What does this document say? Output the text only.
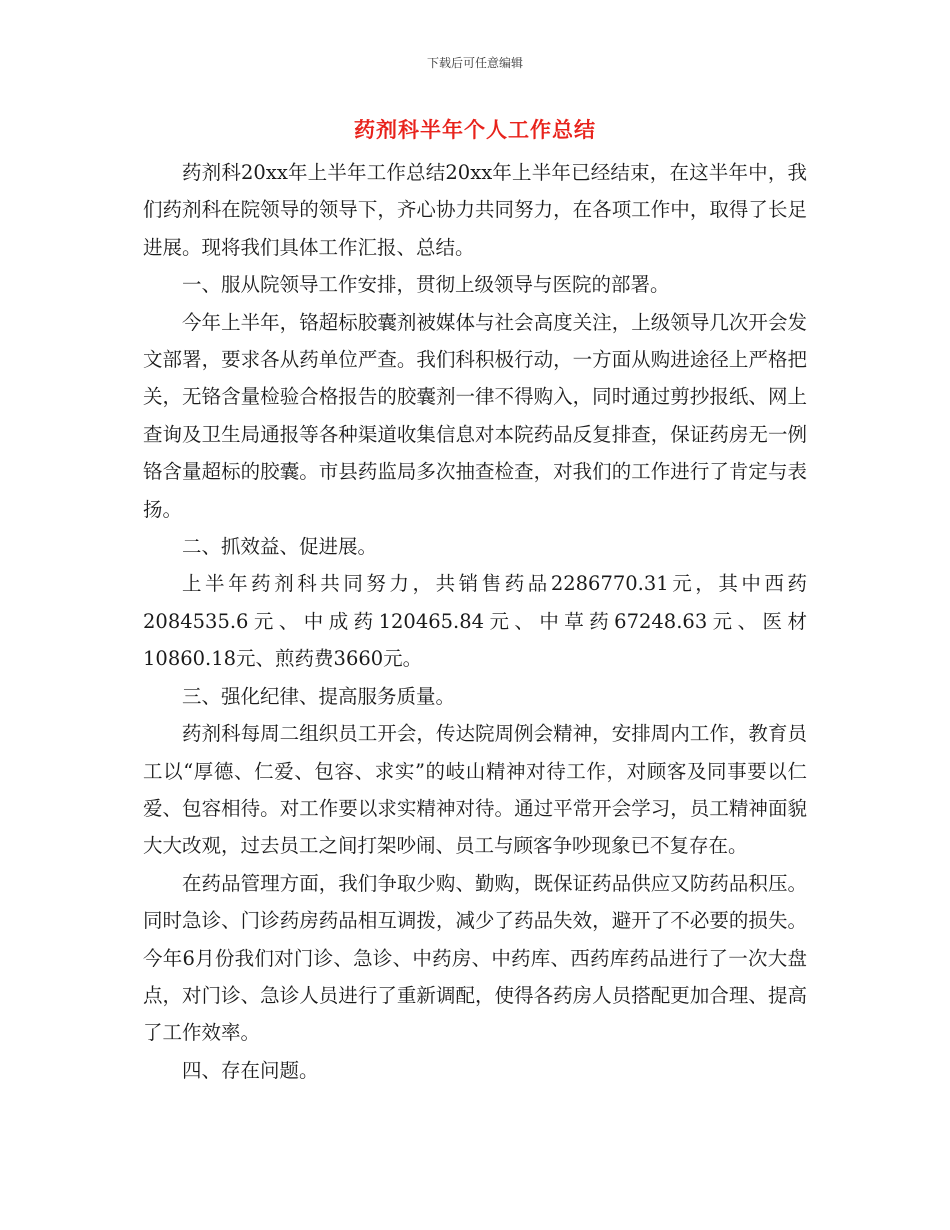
下载后可任意编辑
药剂科半年个人工作总结

药剂科20xx年上半年工作总结20xx年上半年已经结束，在这半年中，我们药剂科在院领导的领导下，齐心协力共同努力，在各项工作中，取得了长足进展。现将我们具体工作汇报、总结。

一、服从院领导工作安排，贯彻上级领导与医院的部署。

今年上半年，铬超标胶囊剂被媒体与社会高度关注，上级领导几次开会发文部署，要求各从药单位严查。我们科积极行动，一方面从购进途径上严格把关，无铬含量检验合格报告的胶囊剂一律不得购入，同时通过剪抄报纸、网上查询及卫生局通报等各种渠道收集信息对本院药品反复排查，保证药房无一例铬含量超标的胶囊。市县药监局多次抽查检查，对我们的工作进行了肯定与表扬。

二、抓效益、促进展。

上半年药剂科共同努力，共销售药品2286770.31元，其中西药2084535.6元、中成药120465.84元、中草药67248.63元、医材10860.18元、煎药费3660元。

三、强化纪律、提高服务质量。

药剂科每周二组织员工开会，传达院周例会精神，安排周内工作，教育员工以“厚德、仁爱、包容、求实”的岐山精神对待工作，对顾客及同事要以仁爱、包容相待。对工作要以求实精神对待。通过平常开会学习，员工精神面貌大大改观，过去员工之间打架吵闹、员工与顾客争吵现象已不复存在。

在药品管理方面，我们争取少购、勤购，既保证药品供应又防药品积压。同时急诊、门诊药房药品相互调拨，减少了药品失效，避开了不必要的损失。今年6月份我们对门诊、急诊、中药房、中药库、西药库药品进行了一次大盘点，对门诊、急诊人员进行了重新调配，使得各药房人员搭配更加合理、提高了工作效率。

四、存在问题。
